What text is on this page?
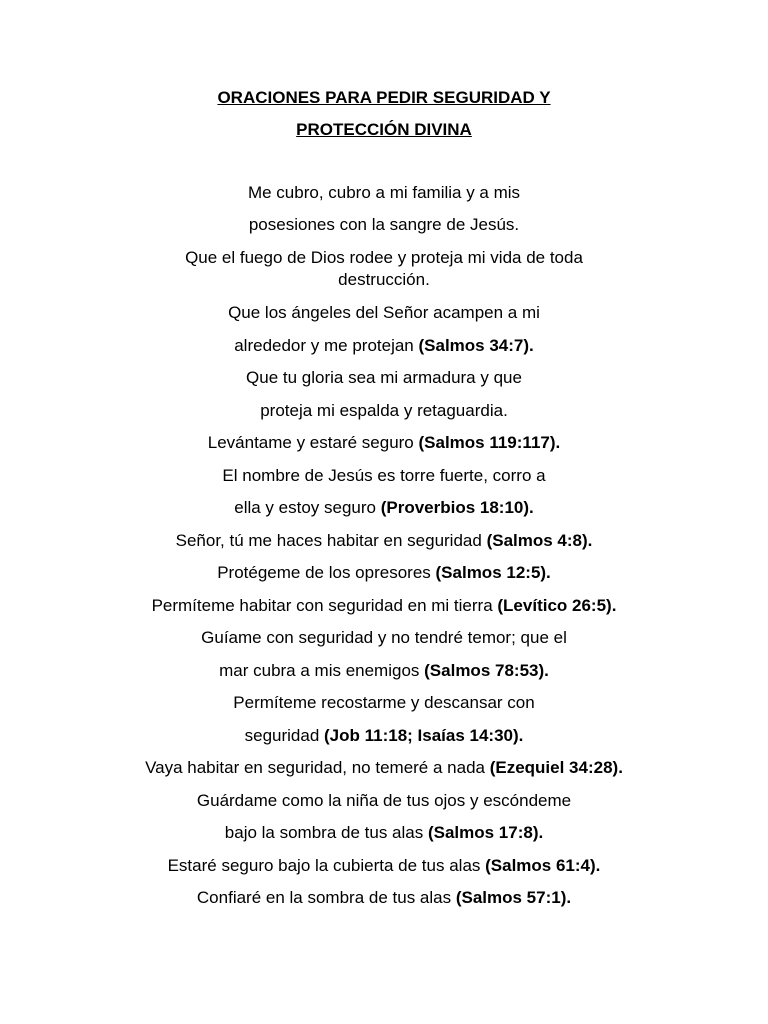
ORACIONES PARA PEDIR SEGURIDAD Y
PROTECCIÓN DIVINA
Me cubro, cubro a mi familia y a mis
posesiones con la sangre de Jesús.
Que el fuego de Dios rodee y proteja mi vida de toda
destrucción.
Que los ángeles del Señor acampen a mi
alrededor y me protejan (Salmos 34:7).
Que tu gloria sea mi armadura y que
proteja mi espalda y retaguardia.
Levántame y estaré seguro (Salmos 119:117).
El nombre de Jesús es torre fuerte, corro a
ella y estoy seguro (Proverbios 18:10).
Señor, tú me haces habitar en seguridad (Salmos 4:8).
Protégeme de los opresores (Salmos 12:5).
Permíteme habitar con seguridad en mi tierra (Levítico 26:5).
Guíame con seguridad y no tendré temor; que el
mar cubra a mis enemigos (Salmos 78:53).
Permíteme recostarme y descansar con
seguridad (Job 11:18; Isaías 14:30).
Vaya habitar en seguridad, no temeré a nada (Ezequiel 34:28).
Guárdame como la niña de tus ojos y escóndeme
bajo la sombra de tus alas (Salmos 17:8).
Estaré seguro bajo la cubierta de tus alas (Salmos 61:4).
Confiaré en la sombra de tus alas (Salmos 57:1).
